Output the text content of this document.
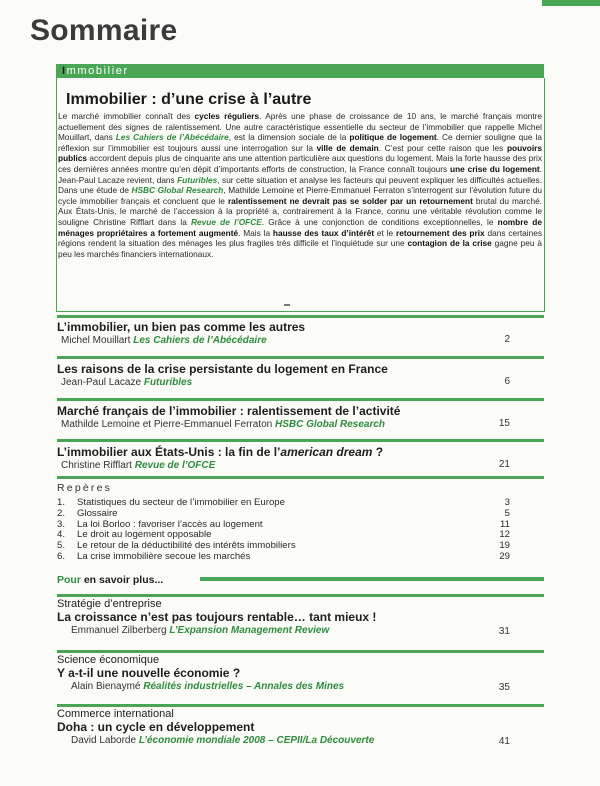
Sommaire
Immobilier
Immobilier : d’une crise à l’autre
Le marché immobilier connaît des cycles réguliers. Après une phase de croissance de 10 ans, le marché français montre actuellement des signes de ralentissement. Une autre caractéristique essentielle du secteur de l’immobilier que rappelle Michel Mouillart, dans Les Cahiers de l’Abécédaire, est la dimension sociale de la politique de logement. Ce dernier souligne que la réflexion sur l’immobilier est toujours aussi une interrogation sur la ville de demain. C’est pour cette raison que les pouvoirs publics accordent depuis plus de cinquante ans une attention particulière aux questions du logement. Mais la forte hausse des prix ces dernières années montre qu’en dépit d’importants efforts de construction, la France connaît toujours une crise du logement. Jean-Paul Lacaze revient, dans Futuribles, sur cette situation et analyse les facteurs qui peuvent expliquer les difficultés actuelles. Dans une étude de HSBC Global Research, Mathilde Lemoine et Pierre-Emmanuel Ferraton s’interrogent sur l’évolution future du cycle immobilier français et concluent que le ralentissement ne devrait pas se solder par un retournement brutal du marché. Aux États-Unis, le marché de l’accession à la propriété a, contrairement à la France, connu une véritable révolution comme le souligne Christine Rifflart dans la Revue de l’OFCE. Grâce à une conjonction de conditions exceptionnelles, le nombre de ménages propriétaires a fortement augmenté. Mais la hausse des taux d’intérêt et le retournement des prix dans certaines régions rendent la situation des ménages les plus fragiles très difficile et l’inquiétude sur une contagion de la crise gagne peu à peu les marchés financiers internationaux.
L’immobilier, un bien pas comme les autres
Michel Mouillart Les Cahiers de l’Abécédaire	2
Les raisons de la crise persistante du logement en France
Jean-Paul Lacaze Futuribles	6
Marché français de l’immobilier : ralentissement de l’activité
Mathilde Lemoine et Pierre-Emmanuel Ferraton HSBC Global Research	15
L’immobilier aux États-Unis : la fin de l’american dream ?
Christine Rifflart Revue de l’OFCE	21
Repères
1. Statistiques du secteur de l’immobilier en Europe	3
2. Glossaire	5
3. La loi Borloo : favoriser l’accès au logement	11
4. Le droit au logement opposable	12
5. Le retour de la déductibilité des intérêts immobiliers	19
6. La crise immobilière secoue les marchés	29
Pour en savoir plus...
Stratégie d’entreprise
La croissance n’est pas toujours rentable… tant mieux !
Emmanuel Zilberberg L’Expansion Management Review	31
Science économique
Y a-t-il une nouvelle économie ?
Alain Bienaymé Réalités industrielles – Annales des Mines	35
Commerce international
Doha : un cycle en développement
David Laborde L’économie mondiale 2008 – CEPII/La Découverte	41
